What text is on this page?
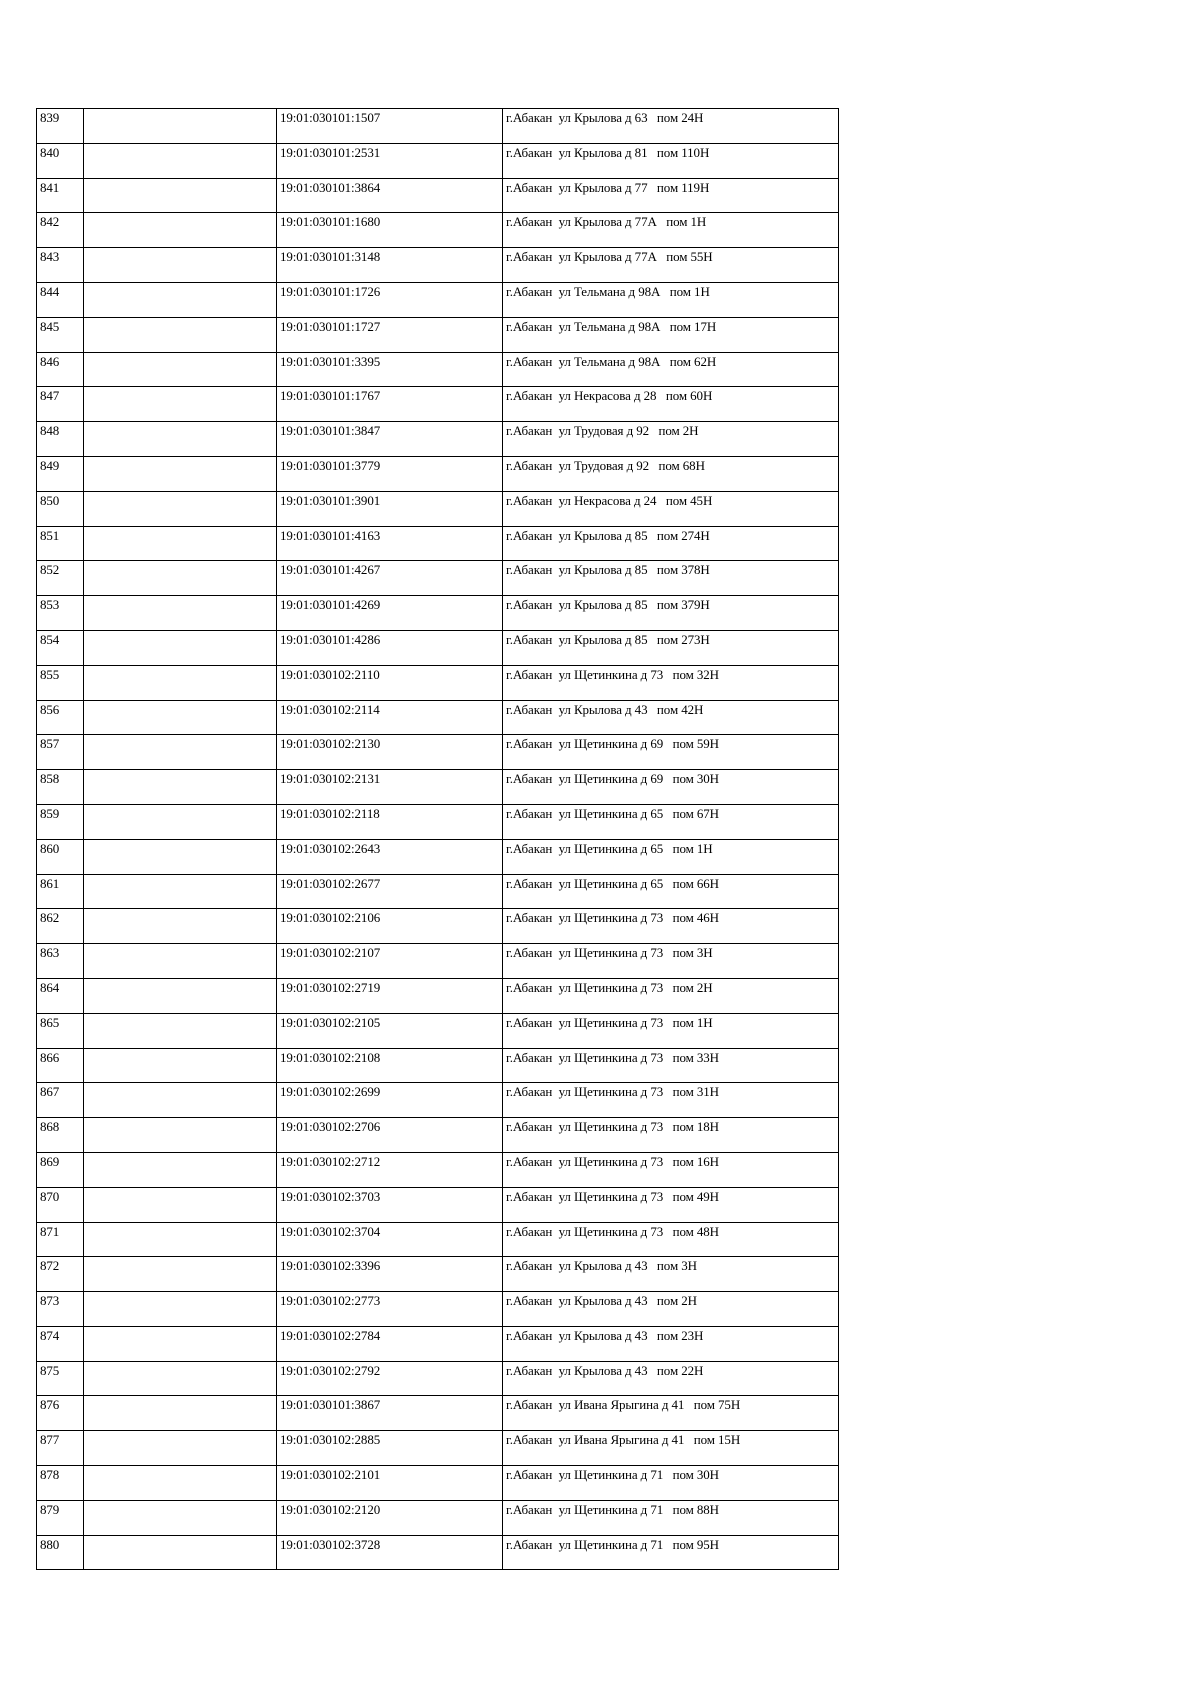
839		19:01:030101:1507	г.Абакан  ул Крылова д 63   пом 24Н
840		19:01:030101:2531	г.Абакан  ул Крылова д 81   пом 110Н
841		19:01:030101:3864	г.Абакан  ул Крылова д 77   пом 119Н
842		19:01:030101:1680	г.Абакан  ул Крылова д 77А   пом 1Н
843		19:01:030101:3148	г.Абакан  ул Крылова д 77А   пом 55Н
844		19:01:030101:1726	г.Абакан  ул Тельмана д 98А   пом 1Н
845		19:01:030101:1727	г.Абакан  ул Тельмана д 98А   пом 17Н
846		19:01:030101:3395	г.Абакан  ул Тельмана д 98А   пом 62Н
847		19:01:030101:1767	г.Абакан  ул Некрасова д 28   пом 60Н
848		19:01:030101:3847	г.Абакан  ул Трудовая д 92   пом 2Н
849		19:01:030101:3779	г.Абакан  ул Трудовая д 92   пом 68Н
850		19:01:030101:3901	г.Абакан  ул Некрасова д 24   пом 45Н
851		19:01:030101:4163	г.Абакан  ул Крылова д 85   пом 274Н
852		19:01:030101:4267	г.Абакан  ул Крылова д 85   пом 378Н
853		19:01:030101:4269	г.Абакан  ул Крылова д 85   пом 379Н
854		19:01:030101:4286	г.Абакан  ул Крылова д 85   пом 273Н
855		19:01:030102:2110	г.Абакан  ул Щетинкина д 73   пом 32Н
856		19:01:030102:2114	г.Абакан  ул Крылова д 43   пом 42Н
857		19:01:030102:2130	г.Абакан  ул Щетинкина д 69   пом 59Н
858		19:01:030102:2131	г.Абакан  ул Щетинкина д 69   пом 30Н
859		19:01:030102:2118	г.Абакан  ул Щетинкина д 65   пом 67Н
860		19:01:030102:2643	г.Абакан  ул Щетинкина д 65   пом 1Н
861		19:01:030102:2677	г.Абакан  ул Щетинкина д 65   пом 66Н
862		19:01:030102:2106	г.Абакан  ул Щетинкина д 73   пом 46Н
863		19:01:030102:2107	г.Абакан  ул Щетинкина д 73   пом 3Н
864		19:01:030102:2719	г.Абакан  ул Щетинкина д 73   пом 2Н
865		19:01:030102:2105	г.Абакан  ул Щетинкина д 73   пом 1Н
866		19:01:030102:2108	г.Абакан  ул Щетинкина д 73   пом 33Н
867		19:01:030102:2699	г.Абакан  ул Щетинкина д 73   пом 31Н
868		19:01:030102:2706	г.Абакан  ул Щетинкина д 73   пом 18Н
869		19:01:030102:2712	г.Абакан  ул Щетинкина д 73   пом 16Н
870		19:01:030102:3703	г.Абакан  ул Щетинкина д 73   пом 49Н
871		19:01:030102:3704	г.Абакан  ул Щетинкина д 73   пом 48Н
872		19:01:030102:3396	г.Абакан  ул Крылова д 43   пом 3Н
873		19:01:030102:2773	г.Абакан  ул Крылова д 43   пом 2Н
874		19:01:030102:2784	г.Абакан  ул Крылова д 43   пом 23Н
875		19:01:030102:2792	г.Абакан  ул Крылова д 43   пом 22Н
876		19:01:030101:3867	г.Абакан  ул Ивана Ярыгина д 41   пом 75Н
877		19:01:030102:2885	г.Абакан  ул Ивана Ярыгина д 41   пом 15Н
878		19:01:030102:2101	г.Абакан  ул Щетинкина д 71   пом 30Н
879		19:01:030102:2120	г.Абакан  ул Щетинкина д 71   пом 88Н
880		19:01:030102:3728	г.Абакан  ул Щетинкина д 71   пом 95Н
